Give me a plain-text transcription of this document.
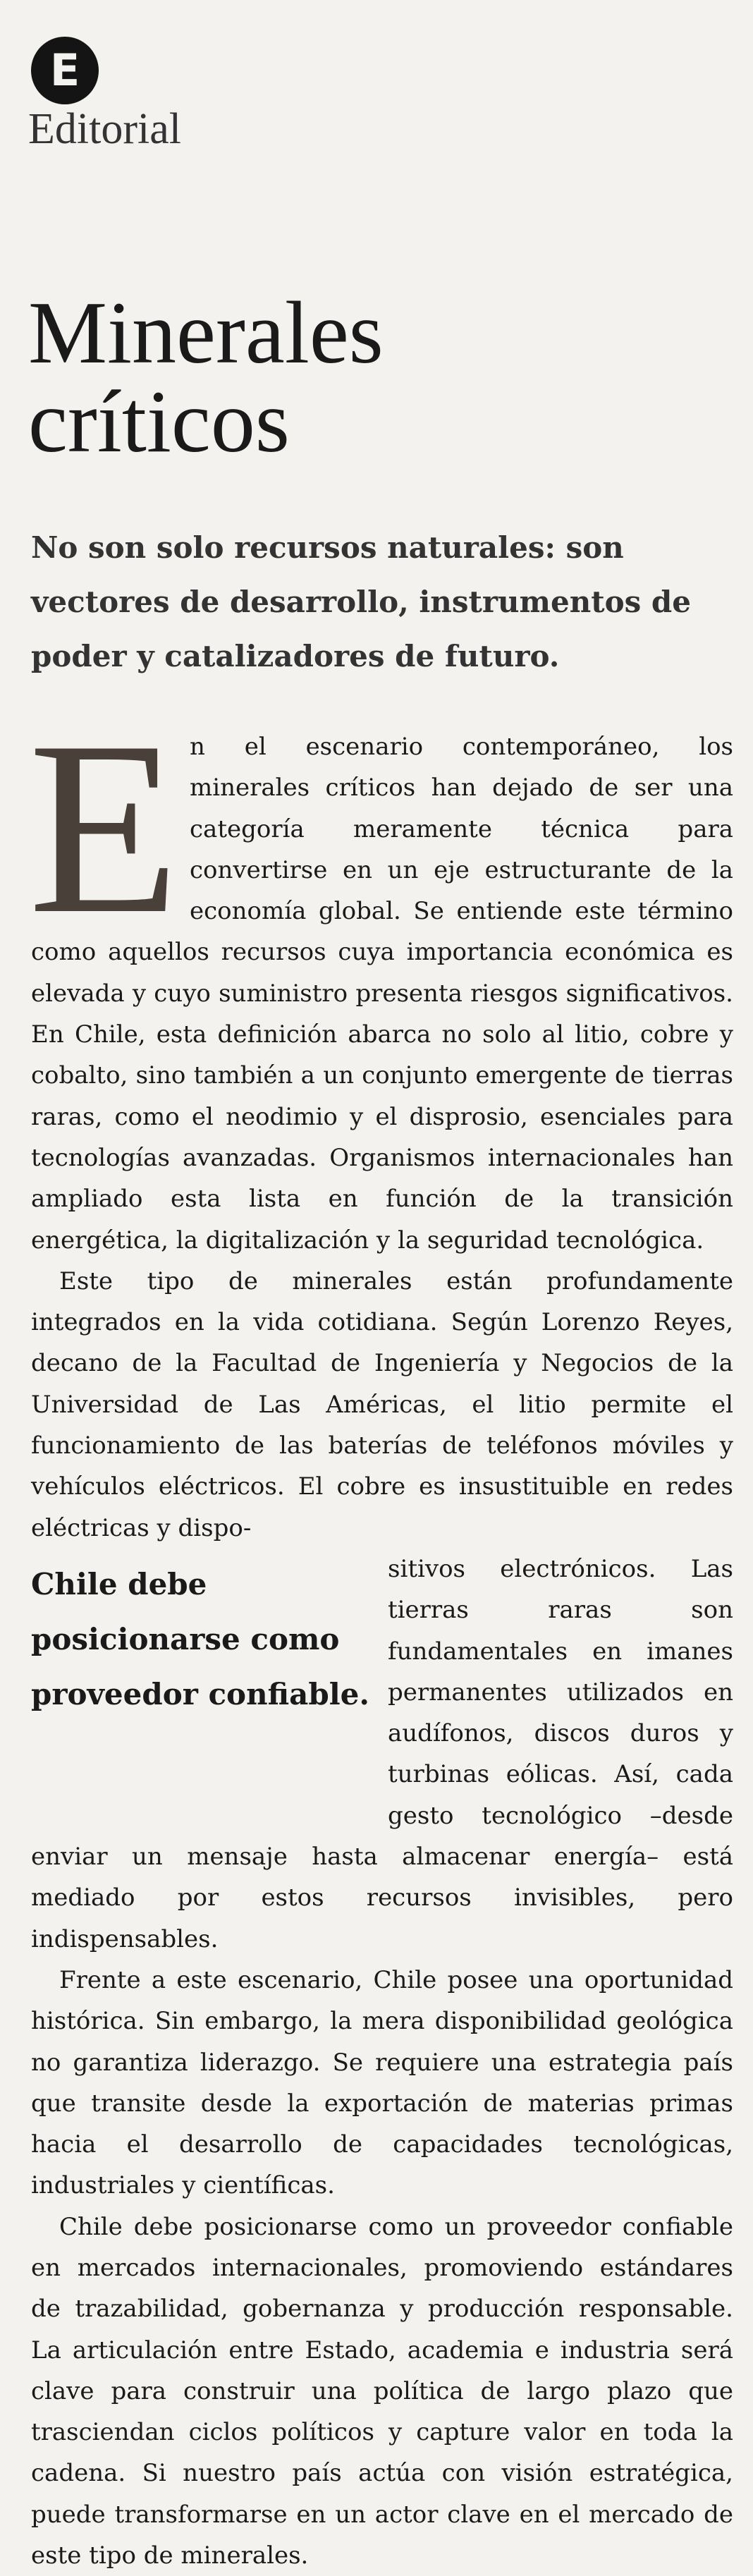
E
Editorial
Minerales críticos
No son solo recursos naturales: son vectores de desarrollo, instrumentos de poder y catalizadores de futuro.

En el escenario contemporáneo, los minerales críticos han dejado de ser una categoría meramente técnica para convertirse en un eje estructurante de la economía global. Se entiende este término como aquellos recursos cuya importancia económica es elevada y cuyo suministro presenta riesgos significativos. En Chile, esta definición abarca no solo al litio, cobre y cobalto, sino también a un conjunto emergente de tierras raras, como el neodimio y el disprosio, esenciales para tecnologías avanzadas. Organismos internacionales han ampliado esta lista en función de la transición energética, la digitalización y la seguridad tecnológica.

Este tipo de minerales están profundamente integrados en la vida cotidiana. Según Lorenzo Reyes, decano de la Facultad de Ingeniería y Negocios de la Universidad de Las Américas, el litio permite el funcionamiento de las baterías de teléfonos móviles y vehículos eléctricos. El cobre es insustituible en redes eléctricas y dispo-

Chile debe posicionarse como proveedor confiable.

sitivos electrónicos. Las tierras raras son fundamentales en imanes permanentes utilizados en audífonos, discos duros y turbinas eólicas. Así, cada gesto tecnológico –desde enviar un mensaje hasta almacenar energía– está mediado por estos recursos invisibles, pero indispensables.

Frente a este escenario, Chile posee una oportunidad histórica. Sin embargo, la mera disponibilidad geológica no garantiza liderazgo. Se requiere una estrategia país que transite desde la exportación de materias primas hacia el desarrollo de capacidades tecnológicas, industriales y científicas.

Chile debe posicionarse como un proveedor confiable en mercados internacionales, promoviendo estándares de trazabilidad, gobernanza y producción responsable. La articulación entre Estado, academia e industria será clave para construir una política de largo plazo que trasciendan ciclos políticos y capture valor en toda la cadena. Si nuestro país actúa con visión estratégica, puede transformarse en un actor clave en el mercado de este tipo de minerales.
